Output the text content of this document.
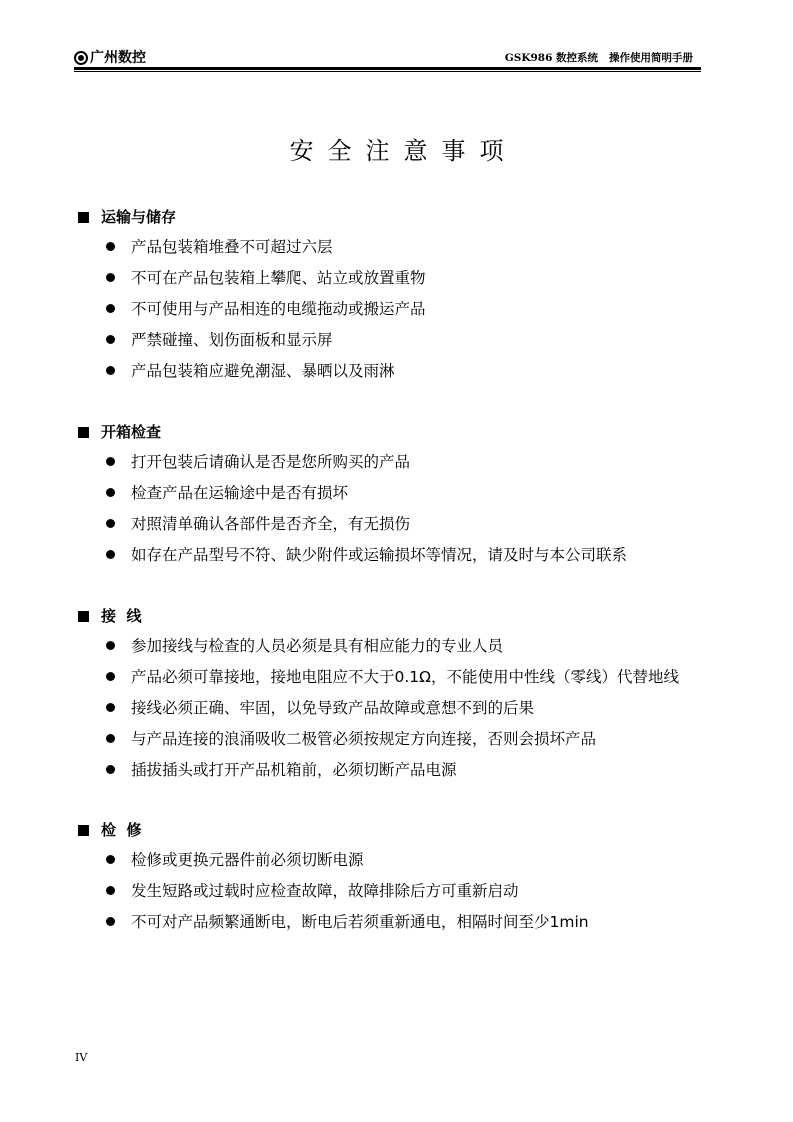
广州数控	GSK986 数控系统   操作使用简明手册
安全注意事项
运输与储存
产品包装箱堆叠不可超过六层
不可在产品包装箱上攀爬、站立或放置重物
不可使用与产品相连的电缆拖动或搬运产品
严禁碰撞、划伤面板和显示屏
产品包装箱应避免潮湿、暴晒以及雨淋
开箱检查
打开包装后请确认是否是您所购买的产品
检查产品在运输途中是否有损坏
对照清单确认各部件是否齐全，有无损伤
如存在产品型号不符、缺少附件或运输损坏等情况，请及时与本公司联系
接  线
参加接线与检查的人员必须是具有相应能力的专业人员
产品必须可靠接地，接地电阻应不大于0.1Ω，不能使用中性线（零线）代替地线
接线必须正确、牢固，以免导致产品故障或意想不到的后果
与产品连接的浪涌吸收二极管必须按规定方向连接，否则会损坏产品
插拔插头或打开产品机箱前，必须切断产品电源
检  修
检修或更换元器件前必须切断电源
发生短路或过载时应检查故障，故障排除后方可重新启动
不可对产品频繁通断电，断电后若须重新通电，相隔时间至少1min
IV
